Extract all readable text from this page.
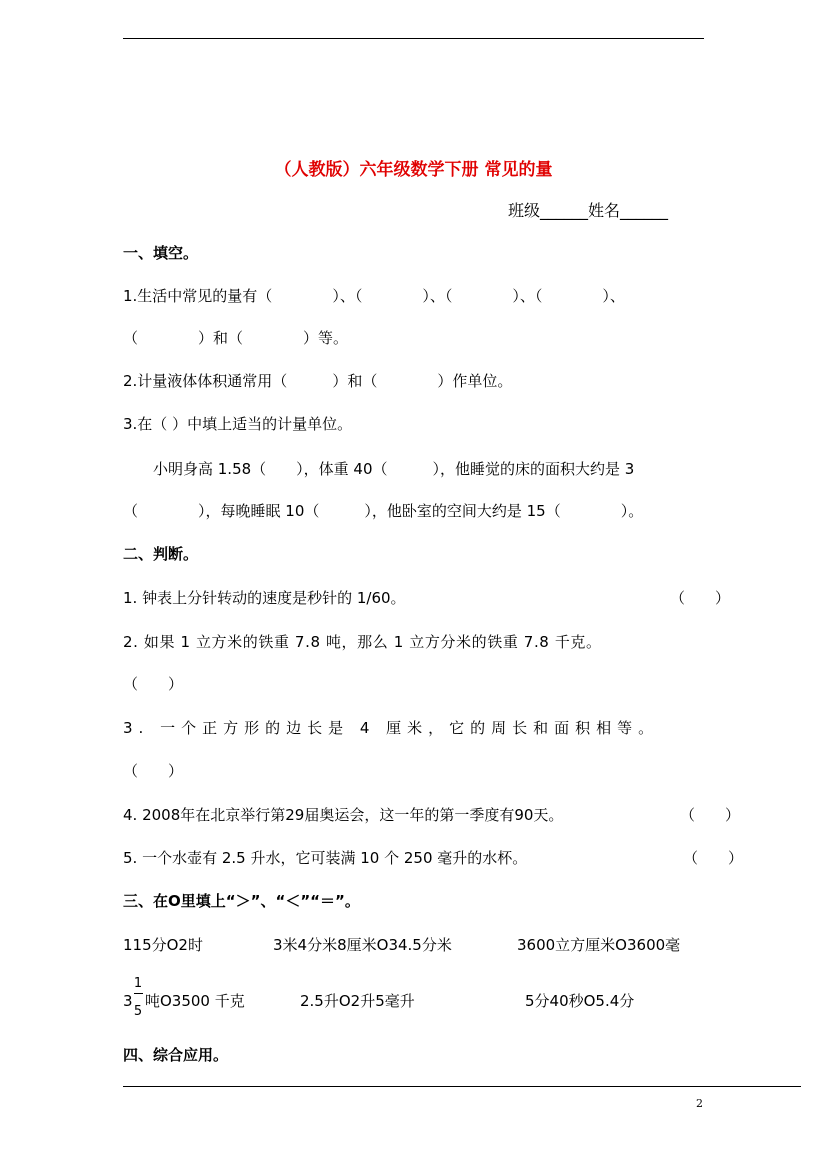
（人教版）六年级数学下册 常见的量
班级______姓名______
一、填空。
1.生活中常见的量有（　　　　）、（　　　　）、（　　　　）、（　　　　）、
（　　　　）和（　　　　）等。
2.计量液体体积通常用（　　　）和（　　　　）作单位。
3.在（ ）中填上适当的计量单位。
小明身高 1.58（　　），体重 40（　　　），他睡觉的床的面积大约是 3
（　　　　），每晚睡眠 10（　　　），他卧室的空间大约是 15（　　　　）。
二、判断。
1. 钟表上分针转动的速度是秒针的 1/60。	（　　）
2. 如果 1 立方米的铁重 7.8 吨，那么 1 立方分米的铁重 7.8 千克。
（　　）
3. 一个正方形的边长是 4 厘米，它的周长和面积相等。
（　　）
4. 2008年在北京举行第29届奥运会，这一年的第一季度有90天。	（　　）
5. 一个水壶有 2.5 升水，它可装满 10 个 250 毫升的水杯。	（　　）
三、在O里填上“＞”、“＜”“＝”。
115分O2时	3米4分米8厘米O34.5分米	3600立方厘米O3600毫
3
1
5
吨O3500 千克	2.5升O2升5毫升	5分40秒O5.4分
四、综合应用。
2
